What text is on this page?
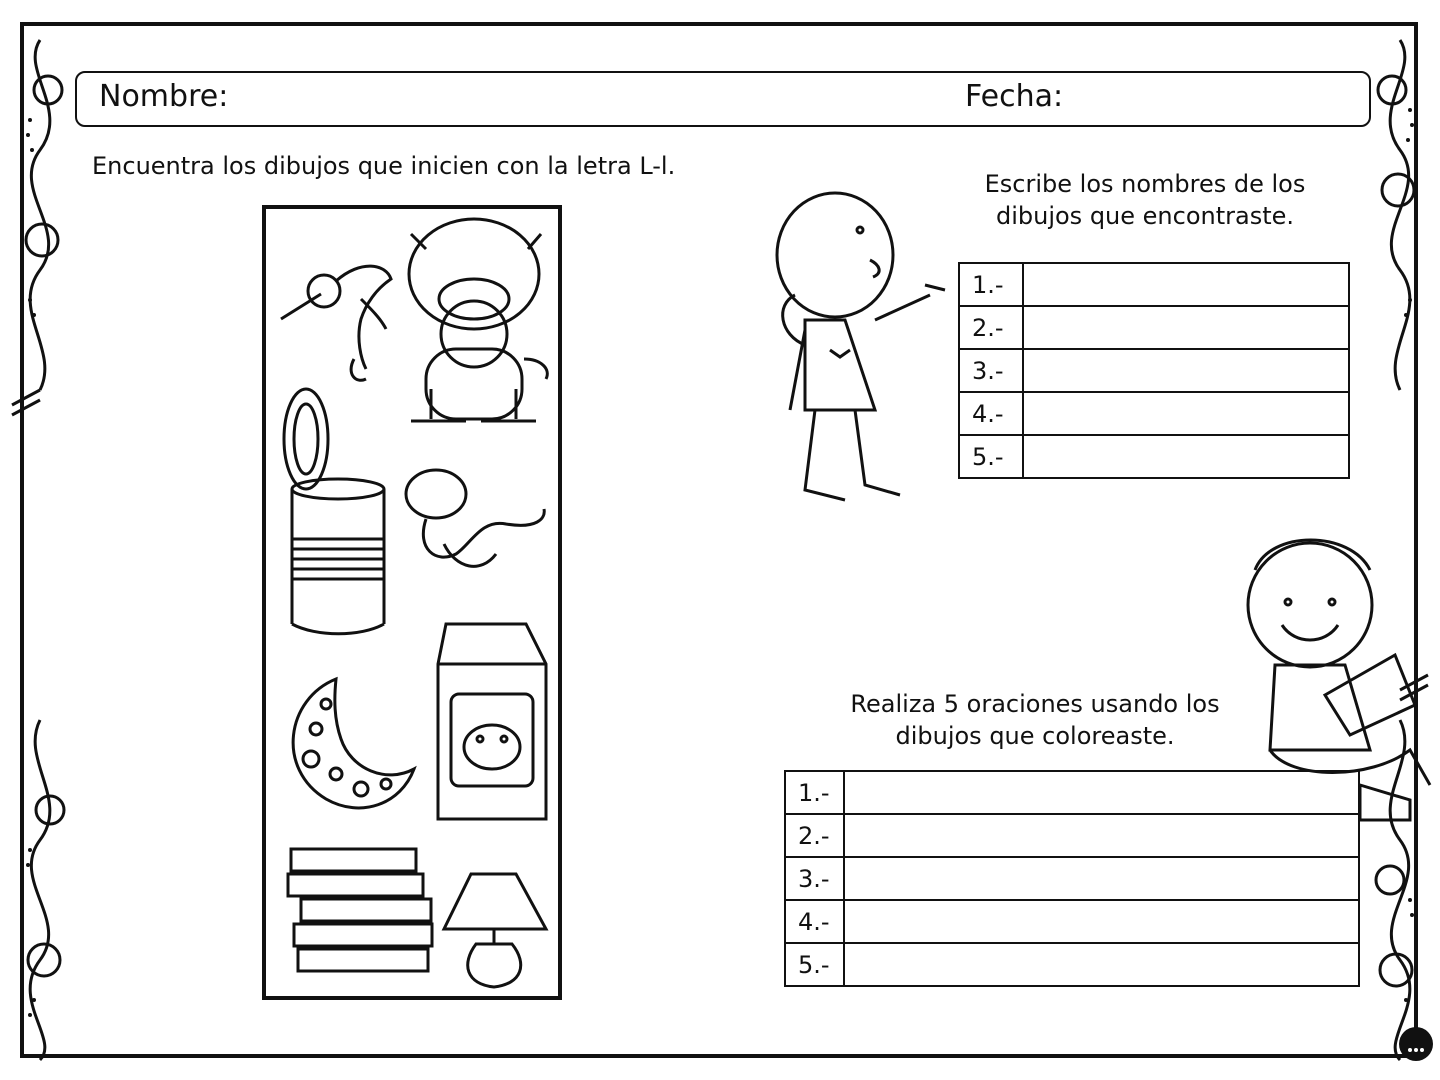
Nombre:	Fecha:
Encuentra los dibujos que inicien con la letra L-l.
Escribe los nombres de los
dibujos que encontraste.
1.-	
2.-	
3.-	
4.-	
5.-	
Realiza 5 oraciones usando los
dibujos que coloreaste.
1.-	
2.-	
3.-	
4.-	
5.-	
